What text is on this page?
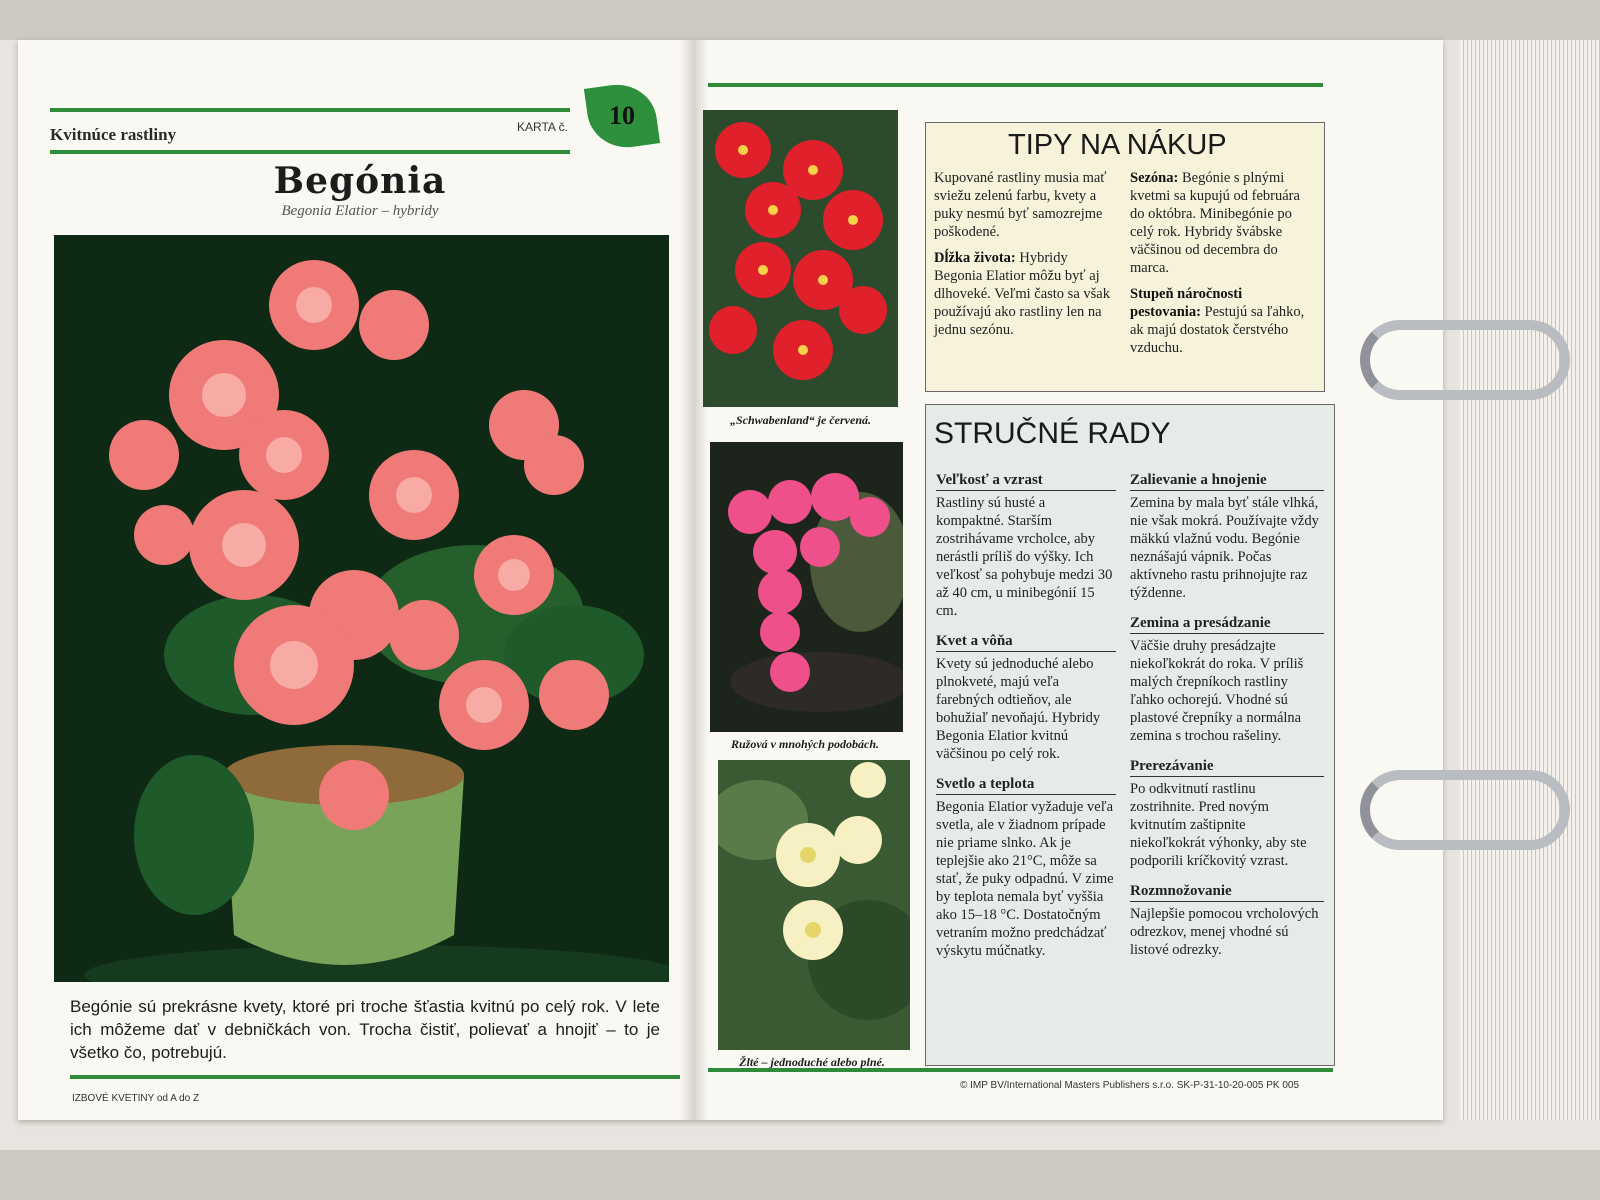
Kvitnúce rastliny	KARTA č. 10
Begónia
Begonia Elatior – hybridy
Begónie sú prekrásne kvety, ktoré pri troche šťastia kvitnú po celý rok. V lete ich môžeme dať v debničkách von. Trocha čistiť, polievať a hnojiť – to je všetko čo, potrebujú.
IZBOVÉ KVETINY od A do Z
„Schwabenland“ je červená.
Ružová v mnohých podobách.
Žlté – jednoduché alebo plné.
TIPY NA NÁKUP

Kupované rastliny musia mať sviežu zelenú farbu, kvety a puky nesmú byť samozrejme poškodené.

Dĺžka života: Hybridy Begonia Elatior môžu byť aj dlhoveké. Veľmi často sa však používajú ako rastliny len na jednu sezónu.

Sezóna: Begónie s plnými kvetmi sa kupujú od februára do októbra. Minibegónie po celý rok. Hybridy švábske väčšinou od decembra do marca.

Stupeň náročnosti pestovania: Pestujú sa ľahko, ak majú dostatok čerstvého vzduchu.

STRUČNÉ RADY
Veľkosť a vzrast
Rastliny sú husté a kompaktné. Starším zostrihávame vrcholce, aby nerástli príliš do výšky. Ich veľkosť sa pohybuje medzi 30 až 40 cm, u minibegónií 15 cm.
Kvet a vôňa
Kvety sú jednoduché alebo plnokveté, majú veľa farebných odtieňov, ale bohužiaľ nevoňajú. Hybridy Begonia Elatior kvitnú väčšinou po celý rok.
Svetlo a teplota
Begonia Elatior vyžaduje veľa svetla, ale v žiadnom prípade nie priame slnko. Ak je teplejšie ako 21°C, môže sa stať, že puky odpadnú. V zime by teplota nemala byť vyššia ako 15–18 °C. Dostatočným vetraním možno predchádzať výskytu múčnatky.
Zalievanie a hnojenie
Zemina by mala byť stále vlhká, nie však mokrá. Používajte vždy mäkkú vlažnú vodu. Begónie neznášajú vápnik. Počas aktívneho rastu prihnojujte raz týždenne.
Zemina a presádzanie
Väčšie druhy presádzajte niekoľkokrát do roka. V príliš malých črepníkoch rastliny ľahko ochorejú. Vhodné sú plastové črepníky a normálna zemina s trochou rašeliny.
Prerezávanie
Po odkvitnutí rastlinu zostrihnite. Pred novým kvitnutím zaštipnite niekoľkokrát výhonky, aby ste podporili kríčkovitý vzrast.
Rozmnožovanie
Najlepšie pomocou vrcholových odrezkov, menej vhodné sú listové odrezky.
© IMP BV/International Masters Publishers s.r.o. SK-P-31-10-20-005 PK 005
